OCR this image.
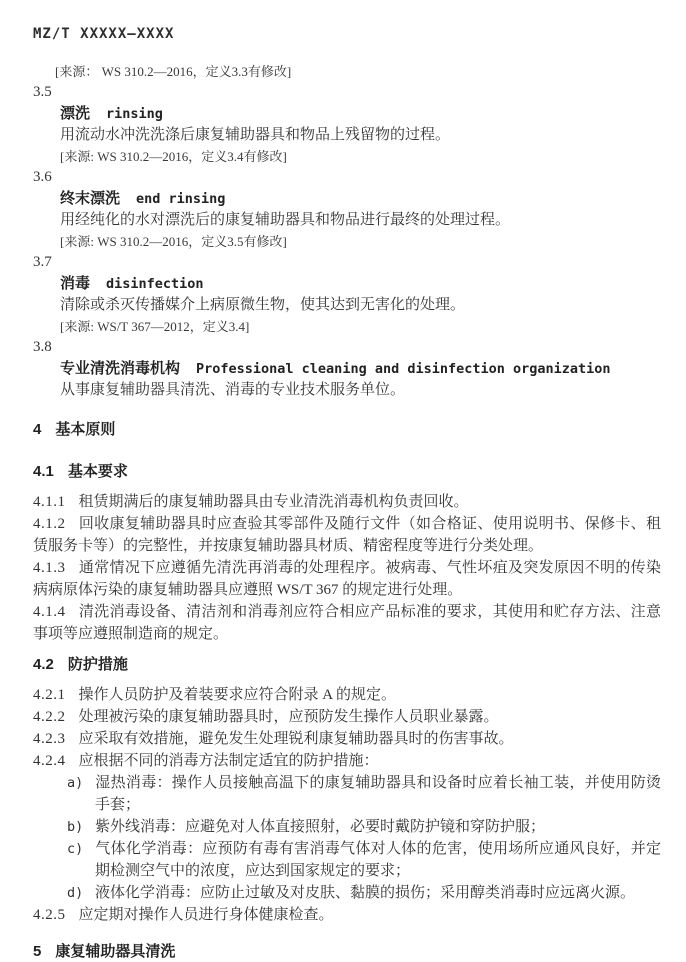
MZ/T XXXXX—XXXX
[来源： WS 310.2—2016，定义3.3有修改]
3.5
漂洗 rinsing
用流动水冲洗洗涤后康复辅助器具和物品上残留物的过程。
[来源: WS 310.2—2016，定义3.4有修改]
3.6
终末漂洗 end rinsing
用经纯化的水对漂洗后的康复辅助器具和物品进行最终的处理过程。
[来源: WS 310.2—2016，定义3.5有修改]
3.7
消毒 disinfection
清除或杀灭传播媒介上病原微生物，使其达到无害化的处理。
[来源: WS/T 367—2012，定义3.4]
3.8
专业清洗消毒机构 Professional cleaning and disinfection organization
从事康复辅助器具清洗、消毒的专业技术服务单位。
4 基本原则
4.1 基本要求

4.1.1 租赁期满后的康复辅助器具由专业清洗消毒机构负责回收。

4.1.2 回收康复辅助器具时应查验其零部件及随行文件（如合格证、使用说明书、保修卡、租赁服务卡等）的完整性，并按康复辅助器具材质、精密程度等进行分类处理。

4.1.3 通常情况下应遵循先清洗再消毒的处理程序。被病毒、气性坏疽及突发原因不明的传染病病原体污染的康复辅助器具应遵照 WS/T 367 的规定进行处理。

4.1.4 清洗消毒设备、清洁剂和消毒剂应符合相应产品标准的要求，其使用和贮存方法、注意事项等应遵照制造商的规定。

4.2 防护措施

4.2.1 操作人员防护及着装要求应符合附录 A 的规定。

4.2.2 处理被污染的康复辅助器具时，应预防发生操作人员职业暴露。

4.2.3 应采取有效措施，避免发生处理锐利康复辅助器具时的伤害事故。

4.2.4 应根据不同的消毒方法制定适宜的防护措施：

a) 湿热消毒：操作人员接触高温下的康复辅助器具和设备时应着长袖工装，并使用防烫手套；
b) 紫外线消毒：应避免对人体直接照射，必要时戴防护镜和穿防护服；
c) 气体化学消毒：应预防有毒有害消毒气体对人体的危害，使用场所应通风良好，并定期检测空气中的浓度，应达到国家规定的要求；
d) 液体化学消毒：应防止过敏及对皮肤、黏膜的损伤；采用醇类消毒时应远离火源。

4.2.5 应定期对操作人员进行身体健康检查。

5 康复辅助器具清洗
